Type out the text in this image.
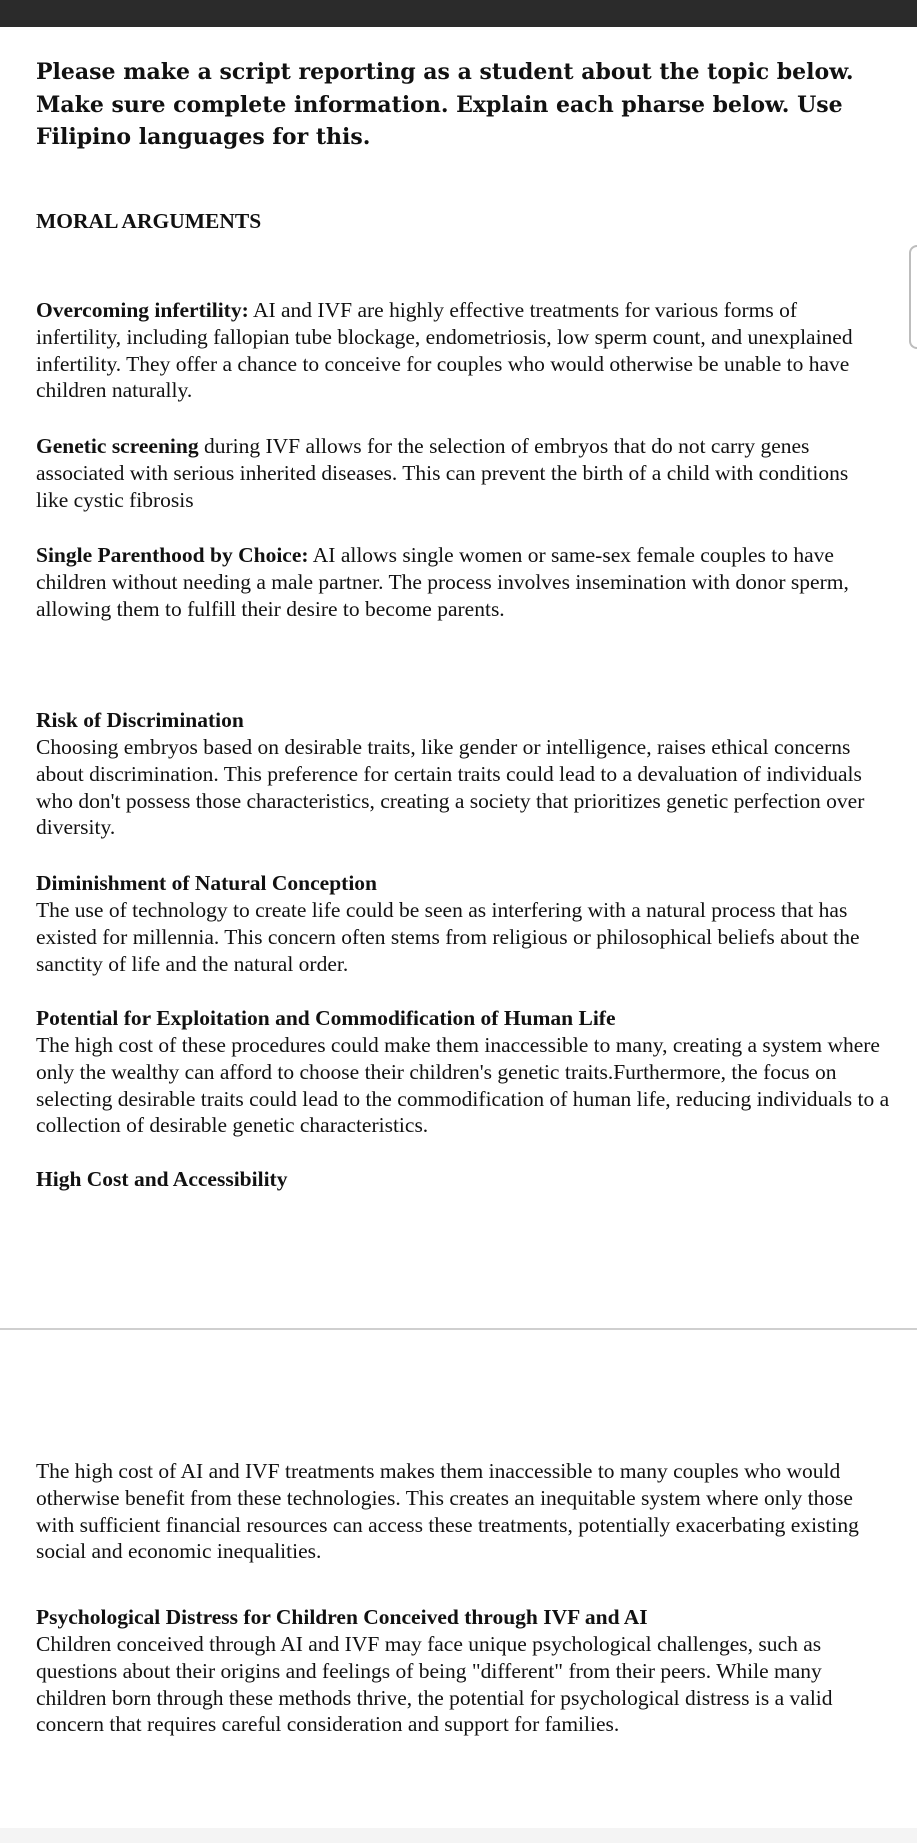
Please make a script reporting as a student about the topic below. Make sure complete information. Explain each pharse below. Use Filipino languages for this.
MORAL ARGUMENTS
Overcoming infertility: AI and IVF are highly effective treatments for various forms of infertility, including fallopian tube blockage, endometriosis, low sperm count, and unexplained infertility. They offer a chance to conceive for couples who would otherwise be unable to have children naturally.
Genetic screening during IVF allows for the selection of embryos that do not carry genes associated with serious inherited diseases. This can prevent the birth of a child with conditions like cystic fibrosis
Single Parenthood by Choice: AI allows single women or same-sex female couples to have children without needing a male partner. The process involves insemination with donor sperm, allowing them to fulfill their desire to become parents.
Risk of Discrimination
Choosing embryos based on desirable traits, like gender or intelligence, raises ethical concerns about discrimination. This preference for certain traits could lead to a devaluation of individuals who don't possess those characteristics, creating a society that prioritizes genetic perfection over diversity.
Diminishment of Natural Conception
The use of technology to create life could be seen as interfering with a natural process that has existed for millennia. This concern often stems from religious or philosophical beliefs about the sanctity of life and the natural order.
Potential for Exploitation and Commodification of Human Life
The high cost of these procedures could make them inaccessible to many, creating a system where only the wealthy can afford to choose their children's genetic traits.Furthermore, the focus on selecting desirable traits could lead to the commodification of human life, reducing individuals to a collection of desirable genetic characteristics.
High Cost and Accessibility
The high cost of AI and IVF treatments makes them inaccessible to many couples who would otherwise benefit from these technologies. This creates an inequitable system where only those with sufficient financial resources can access these treatments, potentially exacerbating existing social and economic inequalities.
Psychological Distress for Children Conceived through IVF and AI
Children conceived through AI and IVF may face unique psychological challenges, such as questions about their origins and feelings of being "different" from their peers. While many children born through these methods thrive, the potential for psychological distress is a valid concern that requires careful consideration and support for families.
